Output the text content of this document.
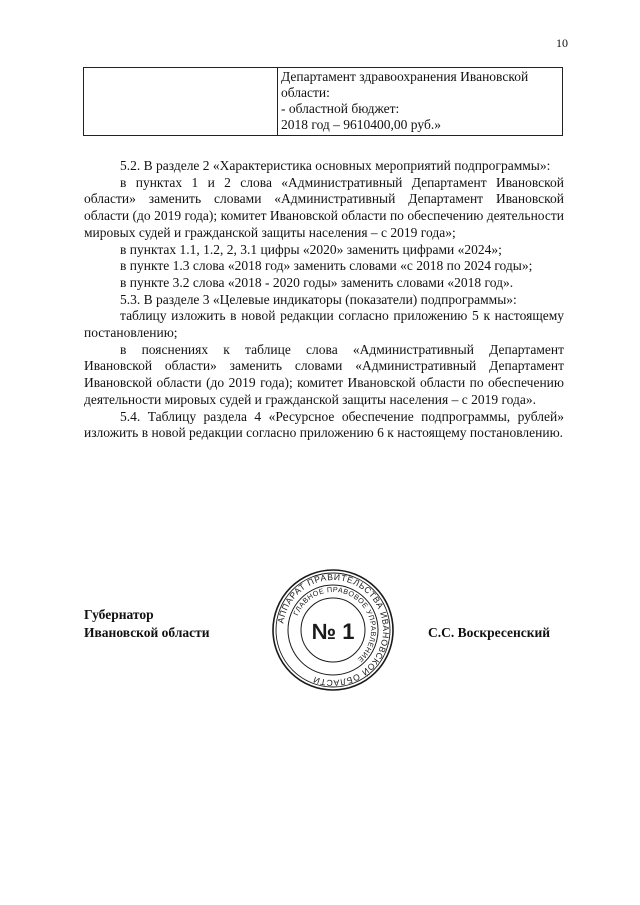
10

Департамент здравоохранения Ивановской
области:
- областной бюджет:
2018 год – 9610400,00 руб.»

5.2. В разделе 2 «Характеристика основных мероприятий подпрограммы»:

в пунктах 1 и 2 слова «Административный Департамент Ивановской области» заменить словами «Административный Департамент Ивановской области (до 2019 года); комитет Ивановской области по обеспечению деятельности мировых судей и гражданской защиты населения – с 2019 года»;

в пунктах 1.1, 1.2, 2, 3.1 цифры «2020» заменить цифрами «2024»;

в пункте 1.3 слова «2018 год» заменить словами «с 2018 по 2024 годы»;

в пункте 3.2 слова «2018 - 2020 годы» заменить словами «2018 год».

5.3. В разделе 3 «Целевые индикаторы (показатели) подпрограммы»:

таблицу изложить в новой редакции согласно приложению 5 к настоящему постановлению;

в пояснениях к таблице слова «Административный Департамент Ивановской области» заменить словами «Административный Департамент Ивановской области (до 2019 года); комитет Ивановской области по обеспечению деятельности мировых судей и гражданской защиты населения – с 2019 года».

5.4. Таблицу раздела 4 «Ресурсное обеспечение подпрограммы, рублей» изложить в новой редакции согласно приложению 6 к настоящему постановлению.

Губернатор
Ивановской области
АППАРАТ ПРАВИТЕЛЬСТВА ИВАНОВСКОЙ ОБЛАСТИ
ГЛАВНОЕ ПРАВОВОЕ УПРАВЛЕНИЕ
№ 1	С.С. Воскресенский
